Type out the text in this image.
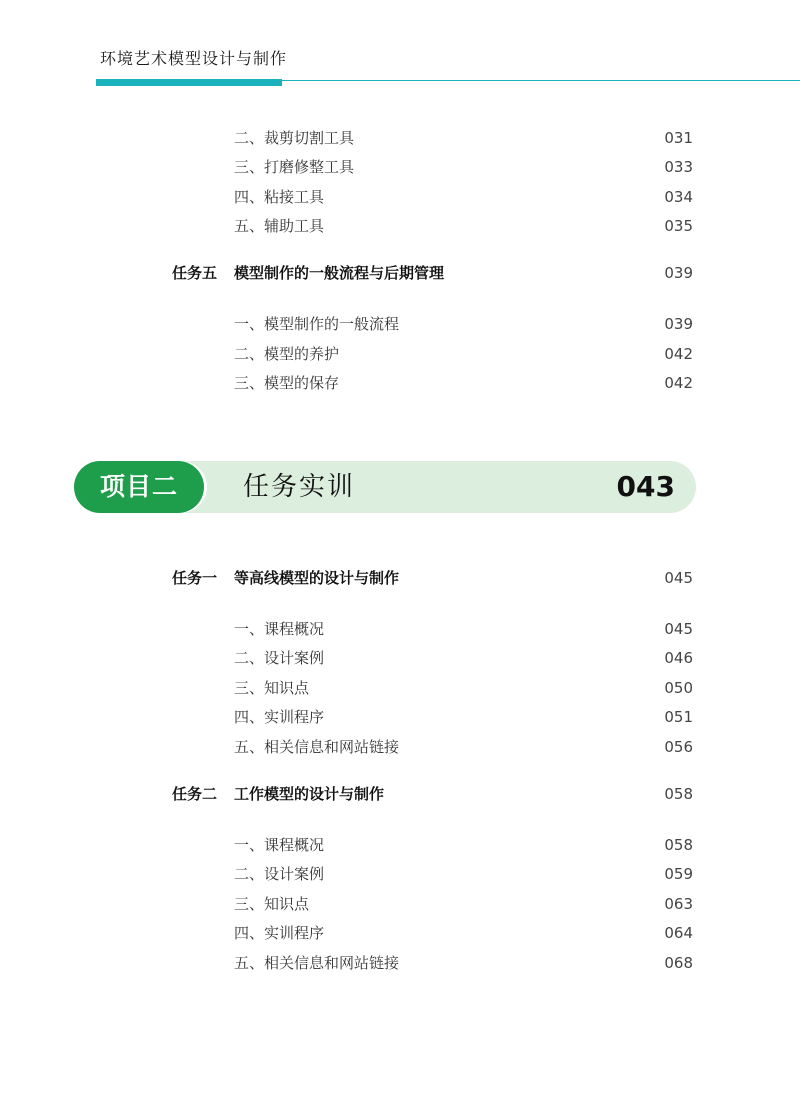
环境艺术模型设计与制作
二、裁剪切割工具	031
三、打磨修整工具	033
四、粘接工具	034
五、辅助工具	035
任务五 模型制作的一般流程与后期管理	039
一、模型制作的一般流程	039
二、模型的养护	042
三、模型的保存	042
项目二	任务实训	043
任务一 等高线模型的设计与制作	045
一、课程概况	045
二、设计案例	046
三、知识点	050
四、实训程序	051
五、相关信息和网站链接	056
任务二 工作模型的设计与制作	058
一、课程概况	058
二、设计案例	059
三、知识点	063
四、实训程序	064
五、相关信息和网站链接	068
